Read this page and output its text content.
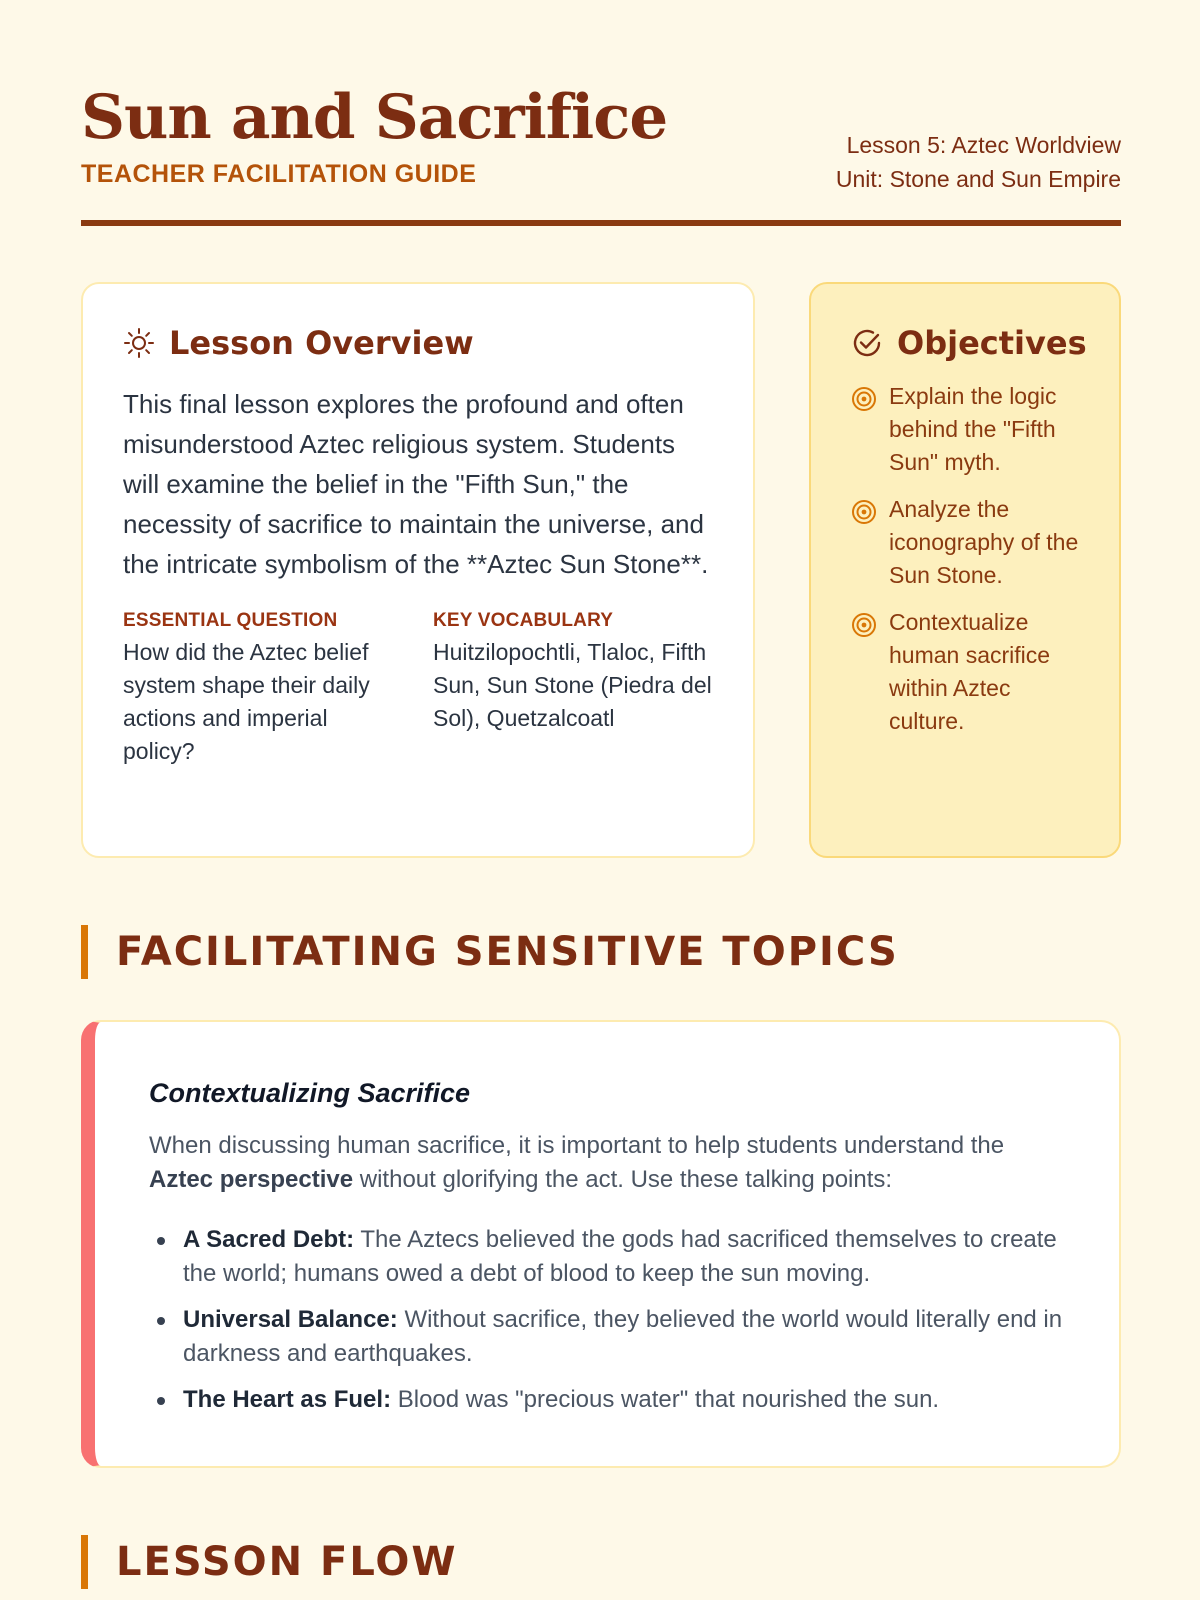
Sun and Sacrifice
TEACHER FACILITATION GUIDE
Lesson 5: Aztec Worldview
Unit: Stone and Sun Empire
Lesson Overview

This final lesson explores the profound and often misunderstood Aztec religious system. Students will examine the belief in the "Fifth Sun," the necessity of sacrifice to maintain the universe, and the intricate symbolism of the **Aztec Sun Stone**.

ESSENTIAL QUESTION
How did the Aztec belief system shape their daily actions and imperial policy?
KEY VOCABULARY
Huitzilopochtli, Tlaloc, Fifth Sun, Sun Stone (Piedra del Sol), Quetzalcoatl
Objectives
Explain the logic behind the "Fifth Sun" myth.
Analyze the iconography of the Sun Stone.
Contextualize human sacrifice within Aztec culture.
FACILITATING SENSITIVE TOPICS
Contextualizing Sacrifice

When discussing human sacrifice, it is important to help students understand the Aztec perspective without glorifying the act. Use these talking points:

A Sacred Debt: The Aztecs believed the gods had sacrificed themselves to create the world; humans owed a debt of blood to keep the sun moving.
Universal Balance: Without sacrifice, they believed the world would literally end in darkness and earthquakes.
The Heart as Fuel: Blood was "precious water" that nourished the sun.
LESSON FLOW
